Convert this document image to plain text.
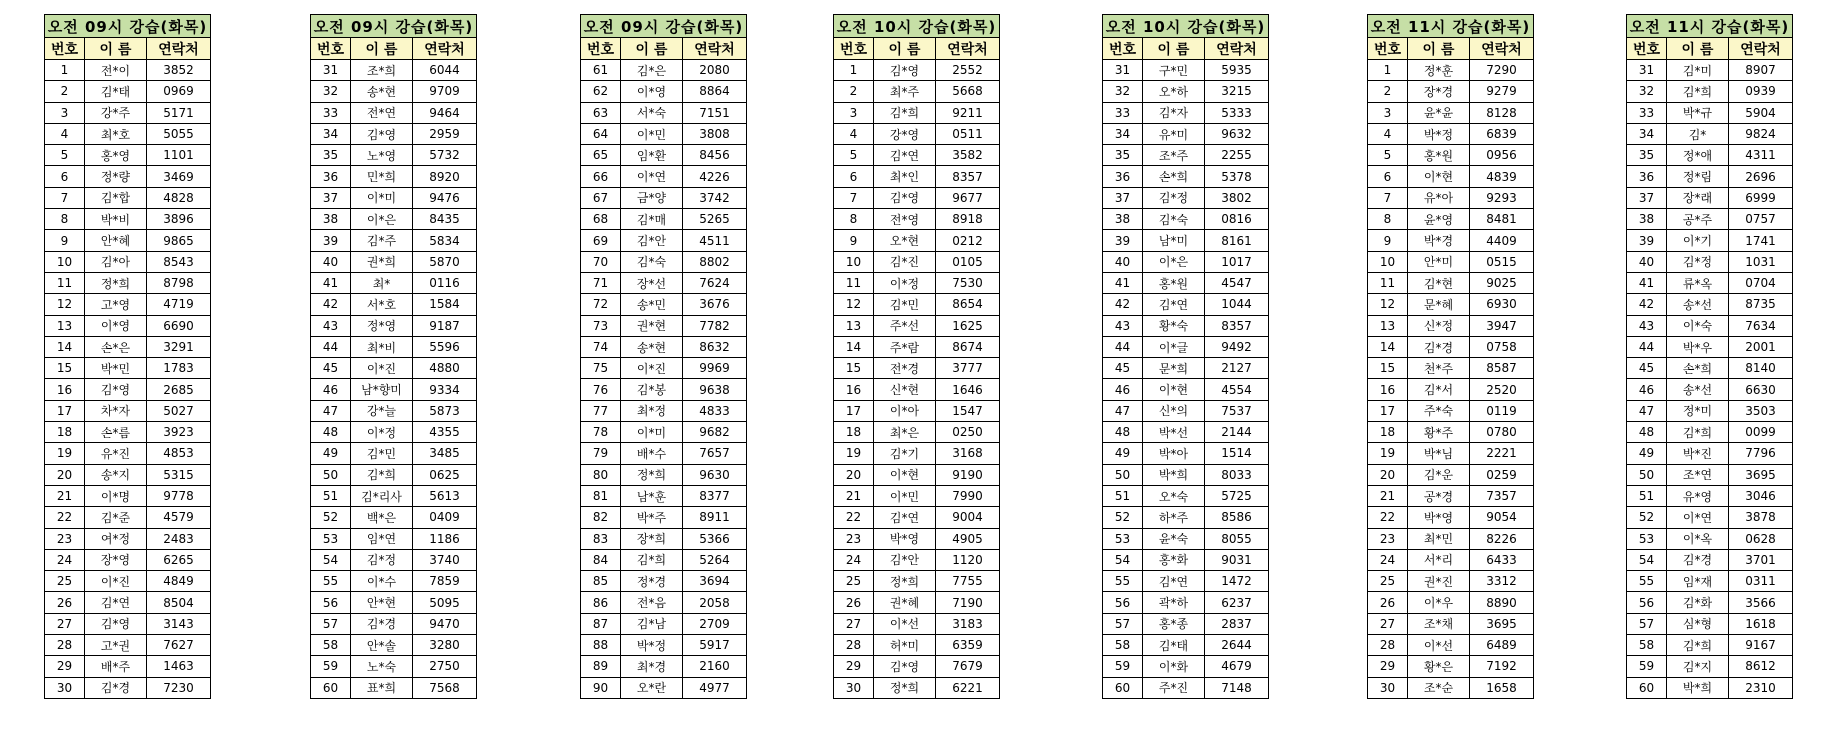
오전 09시 강습(화목)		
번호	이 름	연락처
1	전*이	3852
2	김*태	0969
3	강*주	5171
4	최*호	5055
5	홍*영	1101
6	정*량	3469
7	김*합	4828
8	박*비	3896
9	안*혜	9865
10	김*아	8543
11	정*희	8798
12	고*영	4719
13	이*영	6690
14	손*은	3291
15	박*민	1783
16	김*영	2685
17	차*자	5027
18	손*름	3923
19	유*진	4853
20	송*지	5315
21	이*명	9778
22	김*준	4579
23	여*정	2483
24	장*영	6265
25	이*진	4849
26	김*연	8504
27	김*영	3143
28	고*권	7627
29	배*주	1463
30	김*경	7230
오전 09시 강습(화목)		
번호	이 름	연락처
31	조*희	6044
32	송*현	9709
33	전*연	9464
34	김*영	2959
35	노*영	5732
36	민*희	8920
37	이*미	9476
38	이*은	8435
39	김*주	5834
40	권*희	5870
41	최*	0116
42	서*호	1584
43	정*영	9187
44	최*비	5596
45	이*진	4880
46	남*향미	9334
47	강*늘	5873
48	이*정	4355
49	김*민	3485
50	김*희	0625
51	김*리사	5613
52	백*은	0409
53	임*연	1186
54	김*정	3740
55	이*수	7859
56	안*현	5095
57	김*경	9470
58	안*솔	3280
59	노*숙	2750
60	표*희	7568
오전 09시 강습(화목)		
번호	이 름	연락처
61	김*은	2080
62	이*영	8864
63	서*숙	7151
64	이*민	3808
65	임*환	8456
66	이*연	4226
67	금*양	3742
68	김*매	5265
69	김*안	4511
70	김*숙	8802
71	장*선	7624
72	송*민	3676
73	권*현	7782
74	송*현	8632
75	이*진	9969
76	김*봉	9638
77	최*정	4833
78	이*미	9682
79	배*수	7657
80	정*희	9630
81	남*훈	8377
82	박*주	8911
83	장*희	5366
84	김*희	5264
85	정*경	3694
86	전*음	2058
87	김*남	2709
88	박*정	5917
89	최*경	2160
90	오*란	4977
오전 10시 강습(화목)		
번호	이 름	연락처
1	김*영	2552
2	최*주	5668
3	김*희	9211
4	강*영	0511
5	김*연	3582
6	최*인	8357
7	김*영	9677
8	전*영	8918
9	오*현	0212
10	김*진	0105
11	이*정	7530
12	김*민	8654
13	주*선	1625
14	주*람	8674
15	전*경	3777
16	신*현	1646
17	이*아	1547
18	최*은	0250
19	김*기	3168
20	이*현	9190
21	이*민	7990
22	김*연	9004
23	박*영	4905
24	김*안	1120
25	정*희	7755
26	권*혜	7190
27	이*선	3183
28	허*미	6359
29	김*영	7679
30	정*희	6221
오전 10시 강습(화목)		
번호	이 름	연락처
31	구*민	5935
32	오*하	3215
33	김*자	5333
34	유*미	9632
35	조*주	2255
36	손*희	5378
37	김*정	3802
38	김*숙	0816
39	남*미	8161
40	이*은	1017
41	홍*원	4547
42	김*연	1044
43	황*숙	8357
44	이*글	9492
45	문*희	2127
46	이*현	4554
47	신*의	7537
48	박*선	2144
49	박*아	1514
50	박*희	8033
51	오*숙	5725
52	하*주	8586
53	윤*숙	8055
54	홍*화	9031
55	김*연	1472
56	곽*하	6237
57	홍*종	2837
58	김*태	2644
59	이*화	4679
60	주*진	7148
오전 11시 강습(화목)		
번호	이 름	연락처
1	정*훈	7290
2	장*경	9279
3	윤*윤	8128
4	박*정	6839
5	홍*원	0956
6	이*현	4839
7	유*아	9293
8	윤*영	8481
9	박*경	4409
10	안*미	0515
11	김*현	9025
12	문*혜	6930
13	신*정	3947
14	김*경	0758
15	천*주	8587
16	김*서	2520
17	주*숙	0119
18	황*주	0780
19	박*님	2221
20	김*운	0259
21	공*경	7357
22	박*영	9054
23	최*민	8226
24	서*리	6433
25	권*진	3312
26	이*우	8890
27	조*채	3695
28	이*선	6489
29	황*은	7192
30	조*순	1658
오전 11시 강습(화목)		
번호	이 름	연락처
31	김*미	8907
32	김*희	0939
33	박*규	5904
34	김*	9824
35	정*애	4311
36	정*림	2696
37	장*래	6999
38	공*주	0757
39	이*기	1741
40	김*정	1031
41	류*옥	0704
42	송*선	8735
43	이*숙	7634
44	박*우	2001
45	손*희	8140
46	송*선	6630
47	정*미	3503
48	김*희	0099
49	박*진	7796
50	조*연	3695
51	유*영	3046
52	이*연	3878
53	이*옥	0628
54	김*경	3701
55	임*재	0311
56	김*화	3566
57	심*형	1618
58	김*희	9167
59	김*지	8612
60	박*희	2310
